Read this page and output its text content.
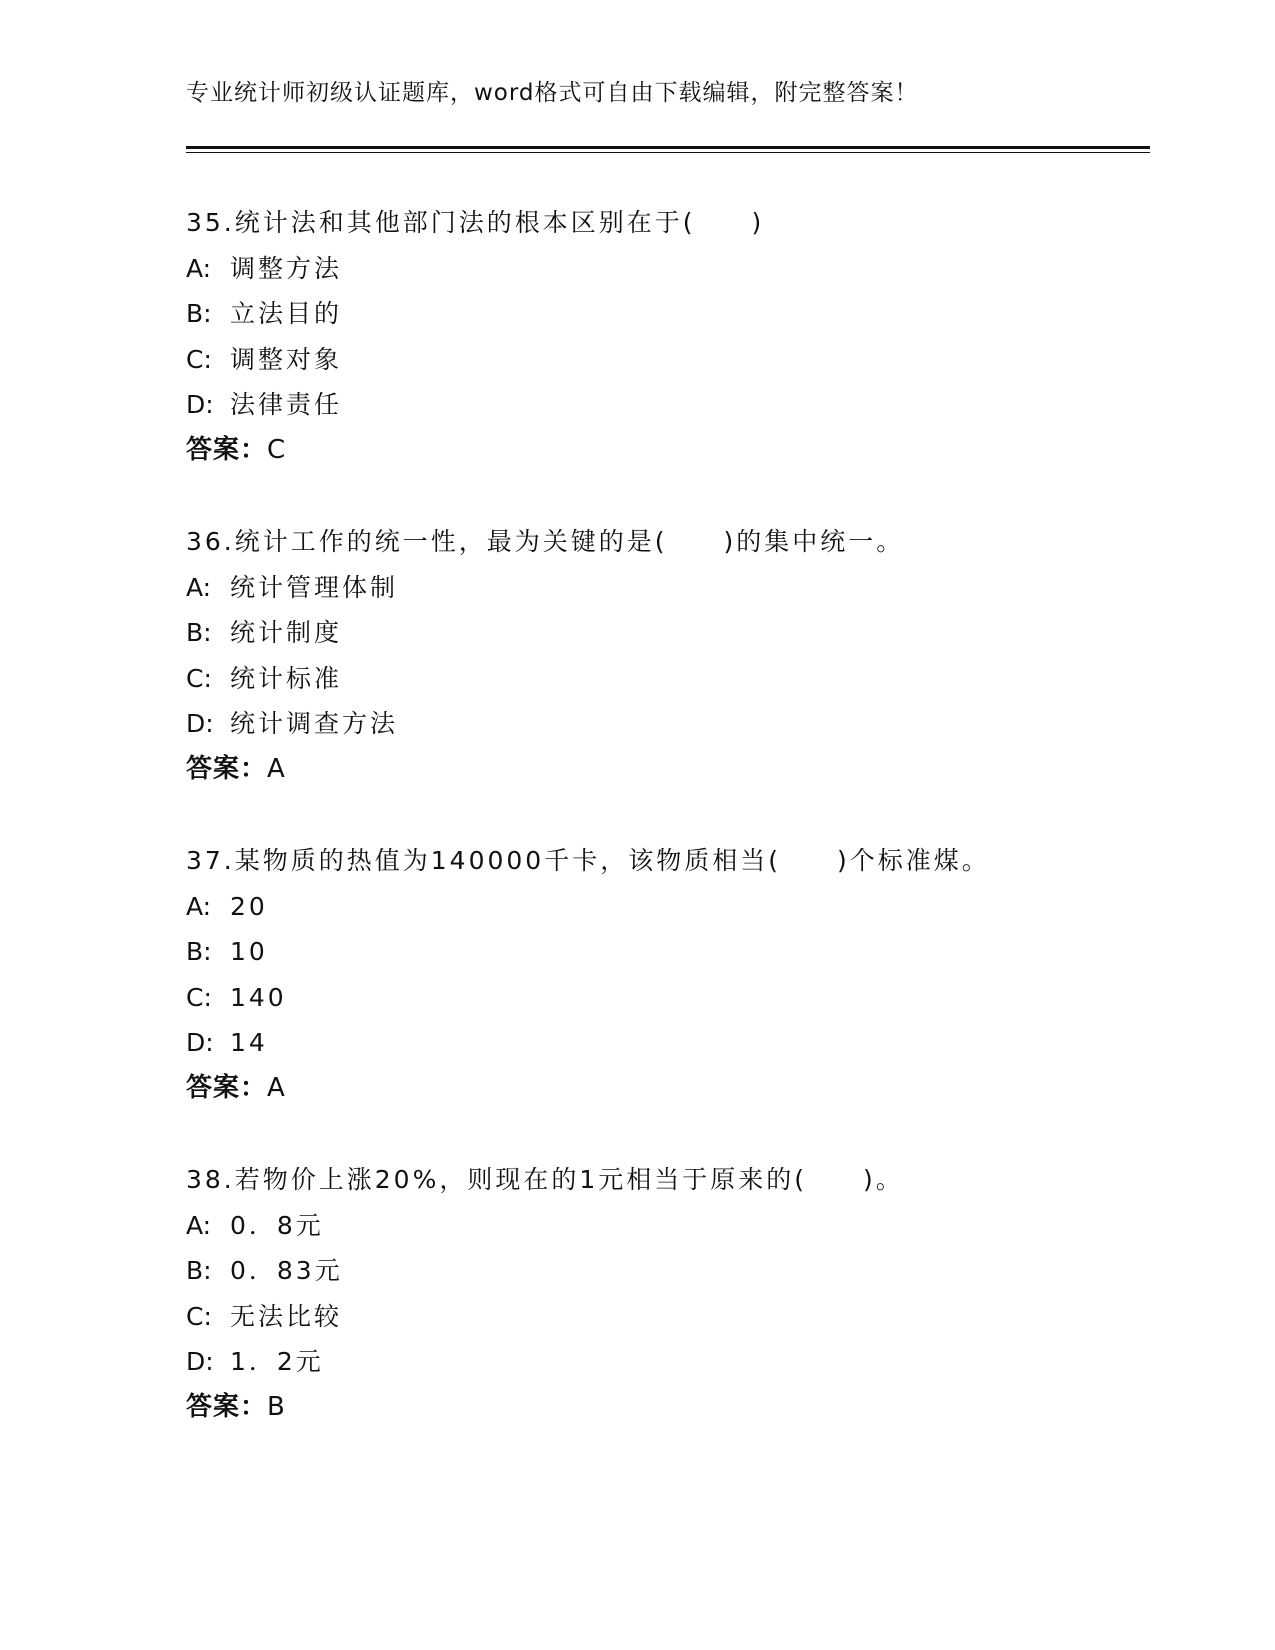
专业统计师初级认证题库，word格式可自由下载编辑，附完整答案！
35.统计法和其他部门法的根本区别在于(　　)
A: 调整方法
B: 立法目的
C: 调整对象
D: 法律责任
答案：C
36.统计工作的统一性，最为关键的是(　　)的集中统一。
A: 统计管理体制
B: 统计制度
C: 统计标准
D: 统计调查方法
答案：A
37.某物质的热值为140000千卡，该物质相当(　　)个标准煤。
A: 20
B: 10
C: 140
D: 14
答案：A
38.若物价上涨20%，则现在的1元相当于原来的(　　)。
A: 0．8元
B: 0．83元
C: 无法比较
D: 1．2元
答案：B
